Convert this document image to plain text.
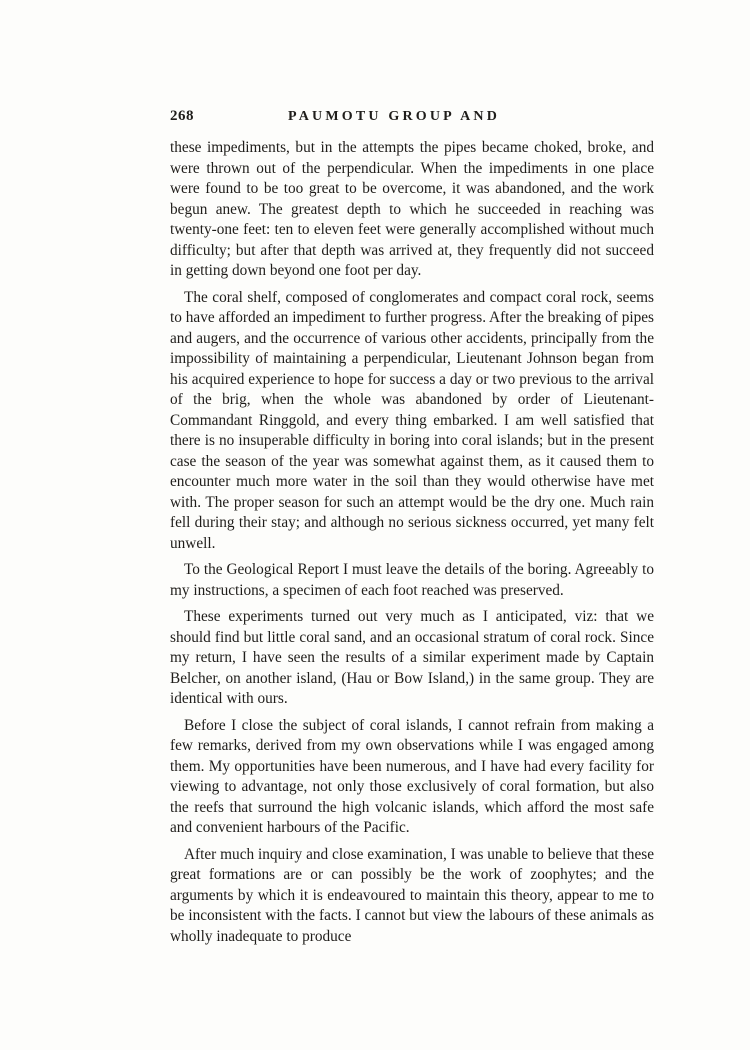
268	PAUMOTU GROUP AND

these impediments, but in the attempts the pipes became choked, broke, and were thrown out of the perpendicular. When the impediments in one place were found to be too great to be overcome, it was abandoned, and the work begun anew. The greatest depth to which he succeeded in reaching was twenty-one feet: ten to eleven feet were generally accomplished without much difficulty; but after that depth was arrived at, they frequently did not succeed in getting down beyond one foot per day.

The coral shelf, composed of conglomerates and compact coral rock, seems to have afforded an impediment to further progress. After the breaking of pipes and augers, and the occurrence of various other accidents, principally from the impossibility of maintaining a perpendicular, Lieutenant Johnson began from his acquired experience to hope for success a day or two previous to the arrival of the brig, when the whole was abandoned by order of Lieutenant-Commandant Ringgold, and every thing embarked. I am well satisfied that there is no insuperable difficulty in boring into coral islands; but in the present case the season of the year was somewhat against them, as it caused them to encounter much more water in the soil than they would otherwise have met with. The proper season for such an attempt would be the dry one. Much rain fell during their stay; and although no serious sickness occurred, yet many felt unwell.

To the Geological Report I must leave the details of the boring. Agreeably to my instructions, a specimen of each foot reached was preserved.

These experiments turned out very much as I anticipated, viz: that we should find but little coral sand, and an occasional stratum of coral rock. Since my return, I have seen the results of a similar experiment made by Captain Belcher, on another island, (Hau or Bow Island,) in the same group. They are identical with ours.

Before I close the subject of coral islands, I cannot refrain from making a few remarks, derived from my own observations while I was engaged among them. My opportunities have been numerous, and I have had every facility for viewing to advantage, not only those exclusively of coral formation, but also the reefs that surround the high volcanic islands, which afford the most safe and convenient harbours of the Pacific.

After much inquiry and close examination, I was unable to believe that these great formations are or can possibly be the work of zoophytes; and the arguments by which it is endeavoured to maintain this theory, appear to me to be inconsistent with the facts. I cannot but view the labours of these animals as wholly inadequate to produce
